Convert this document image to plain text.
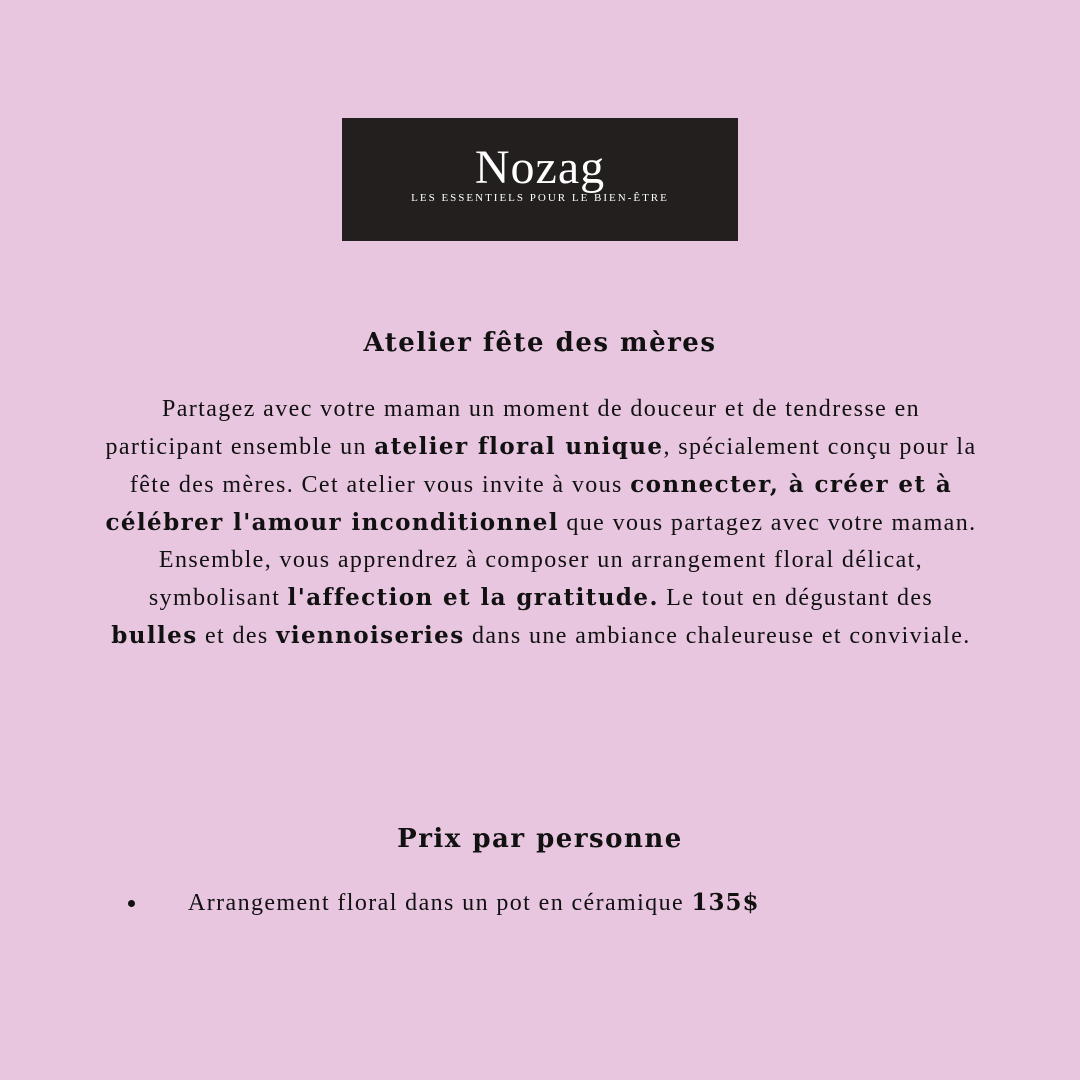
Nozag
LES ESSENTIELS POUR LE BIEN-ÊTRE
Atelier fête des mères

Partagez avec votre maman un moment de douceur et de tendresse en participant ensemble un atelier floral unique, spécialement conçu pour la fête des mères. Cet atelier vous invite à vous connecter, à créer et à célébrer l'amour inconditionnel que vous partagez avec votre maman. Ensemble, vous apprendrez à composer un arrangement floral délicat, symbolisant l'affection et la gratitude. Le tout en dégustant des bulles et des viennoiseries dans une ambiance chaleureuse et conviviale.

Prix par personne
Arrangement floral dans un pot en céramique 135$
